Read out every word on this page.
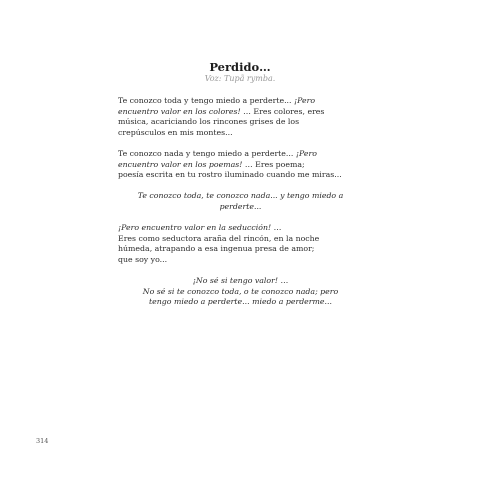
Perdido…
Voz: Tupã rymba.
Te conozco toda y tengo miedo a perderte... ¡Pero
encuentro valor en los colores! … Eres colores, eres
música, acariciando los rincones grises de los
crepúsculos en mis montes...
Te conozco nada y tengo miedo a perderte... ¡Pero
encuentro valor en los poemas! … Eres poema;
poesía escrita en tu rostro iluminado cuando me miras...
Te conozco toda, te conozco nada... y tengo miedo a
perderte...
¡Pero encuentro valor en la seducción! …
Eres como seductora araña del rincón, en la noche
húmeda, atrapando a esa ingenua presa de amor;
que soy yo...
¡No sé si tengo valor! …
No sé si te conozco toda, o te conozco nada; pero
tengo miedo a perderte... miedo a perderme...
314
